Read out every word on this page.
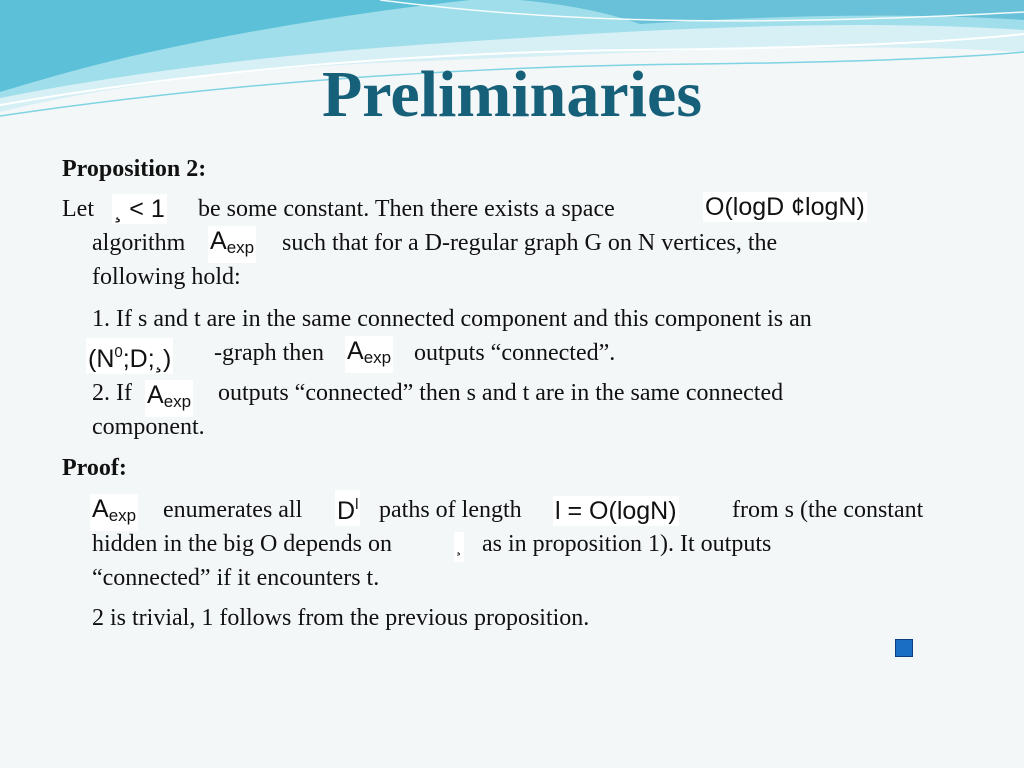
Preliminaries
Proposition 2:
Let ¸ < 1 be some constant. Then there exists a space	O(logD ¢logN)
algorithm $A_{exp}$ such that for a D-regular graph G on N vertices, the
following hold:
1. If s and t are in the same connected component and this component is an
$(N^0;D;¸)$ -graph then $A_{exp}$ outputs “connected”.
2. If $A_{exp}$ outputs “connected” then s and t are in the same connected
component.
Proof:
$A_{exp}$ enumerates all $D^l$ paths of length l = O(logN) from s (the constant
hidden in the big O depends on	¸ as in proposition 1). It outputs
“connected” if it encounters t.
2 is trivial, 1 follows from the previous proposition.
